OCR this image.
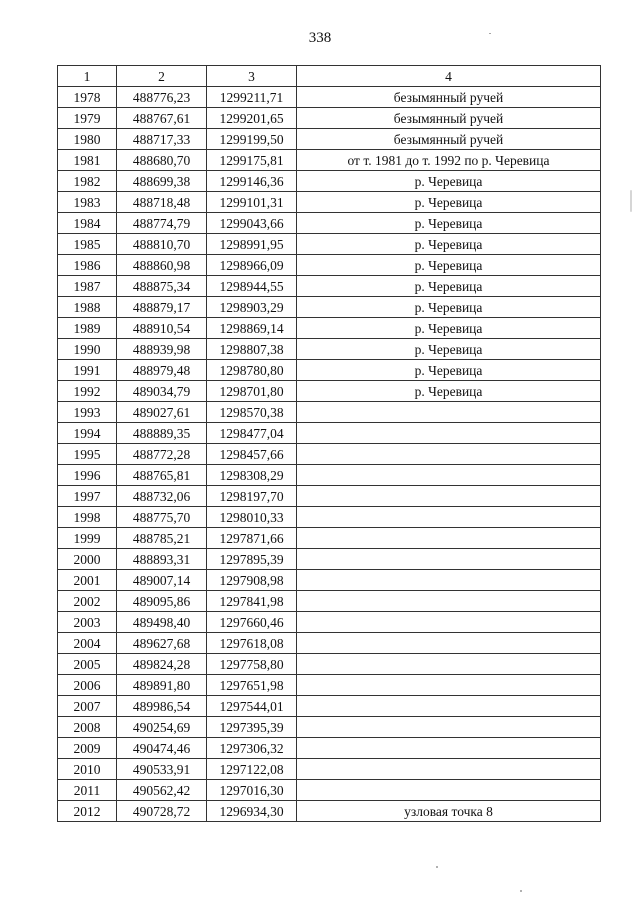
338
1	2	3	4
1978	488776,23	1299211,71	безымянный ручей
1979	488767,61	1299201,65	безымянный ручей
1980	488717,33	1299199,50	безымянный ручей
1981	488680,70	1299175,81	от т. 1981 до т. 1992 по р. Черевица
1982	488699,38	1299146,36	р. Черевица
1983	488718,48	1299101,31	р. Черевица
1984	488774,79	1299043,66	р. Черевица
1985	488810,70	1298991,95	р. Черевица
1986	488860,98	1298966,09	р. Черевица
1987	488875,34	1298944,55	р. Черевица
1988	488879,17	1298903,29	р. Черевица
1989	488910,54	1298869,14	р. Черевица
1990	488939,98	1298807,38	р. Черевица
1991	488979,48	1298780,80	р. Черевица
1992	489034,79	1298701,80	р. Черевица
1993	489027,61	1298570,38	
1994	488889,35	1298477,04	
1995	488772,28	1298457,66	
1996	488765,81	1298308,29	
1997	488732,06	1298197,70	
1998	488775,70	1298010,33	
1999	488785,21	1297871,66	
2000	488893,31	1297895,39	
2001	489007,14	1297908,98	
2002	489095,86	1297841,98	
2003	489498,40	1297660,46	
2004	489627,68	1297618,08	
2005	489824,28	1297758,80	
2006	489891,80	1297651,98	
2007	489986,54	1297544,01	
2008	490254,69	1297395,39	
2009	490474,46	1297306,32	
2010	490533,91	1297122,08	
2011	490562,42	1297016,30	
2012	490728,72	1296934,30	узловая точка 8
